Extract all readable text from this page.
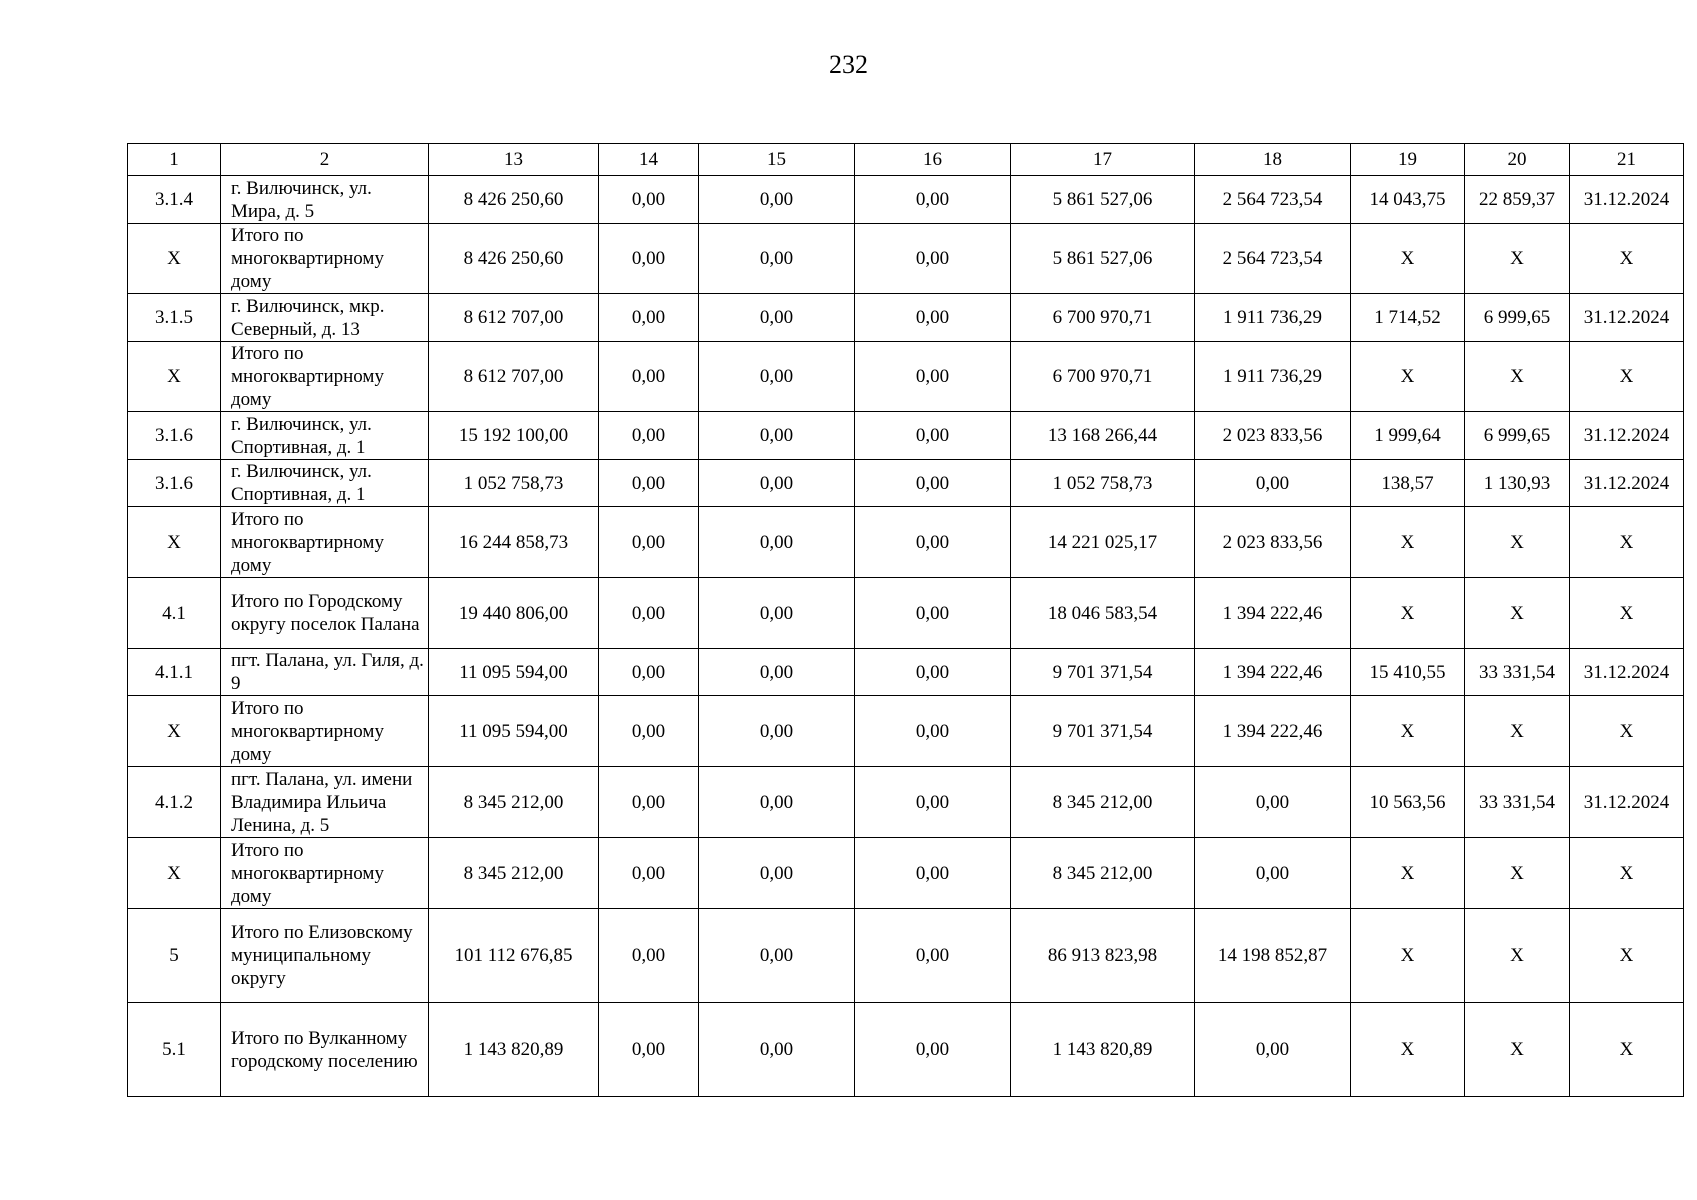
232
1	2	13	14	15	16	17	18	19	20	21
3.1.4	г. Вилючинск, ул. Мира, д. 5	8 426 250,60	0,00	0,00	0,00	5 861 527,06	2 564 723,54	14 043,75	22 859,37	31.12.2024
X	Итого по многоквартирному дому	8 426 250,60	0,00	0,00	0,00	5 861 527,06	2 564 723,54	X	X	X
3.1.5	г. Вилючинск, мкр. Северный, д. 13	8 612 707,00	0,00	0,00	0,00	6 700 970,71	1 911 736,29	1 714,52	6 999,65	31.12.2024
X	Итого по многоквартирному дому	8 612 707,00	0,00	0,00	0,00	6 700 970,71	1 911 736,29	X	X	X
3.1.6	г. Вилючинск, ул. Спортивная, д. 1	15 192 100,00	0,00	0,00	0,00	13 168 266,44	2 023 833,56	1 999,64	6 999,65	31.12.2024
3.1.6	г. Вилючинск, ул. Спортивная, д. 1	1 052 758,73	0,00	0,00	0,00	1 052 758,73	0,00	138,57	1 130,93	31.12.2024
X	Итого по многоквартирному дому	16 244 858,73	0,00	0,00	0,00	14 221 025,17	2 023 833,56	X	X	X
4.1	Итого по Городскому округу поселок Палана	19 440 806,00	0,00	0,00	0,00	18 046 583,54	1 394 222,46	X	X	X
4.1.1	пгт. Палана, ул. Гиля, д. 9	11 095 594,00	0,00	0,00	0,00	9 701 371,54	1 394 222,46	15 410,55	33 331,54	31.12.2024
X	Итого по многоквартирному дому	11 095 594,00	0,00	0,00	0,00	9 701 371,54	1 394 222,46	X	X	X
4.1.2	пгт. Палана, ул. имени Владимира Ильича Ленина, д. 5	8 345 212,00	0,00	0,00	0,00	8 345 212,00	0,00	10 563,56	33 331,54	31.12.2024
X	Итого по многоквартирному дому	8 345 212,00	0,00	0,00	0,00	8 345 212,00	0,00	X	X	X
5	Итого по Елизовскому муниципальному округу	101 112 676,85	0,00	0,00	0,00	86 913 823,98	14 198 852,87	X	X	X
5.1	Итого по Вулканному городскому поселению	1 143 820,89	0,00	0,00	0,00	1 143 820,89	0,00	X	X	X
